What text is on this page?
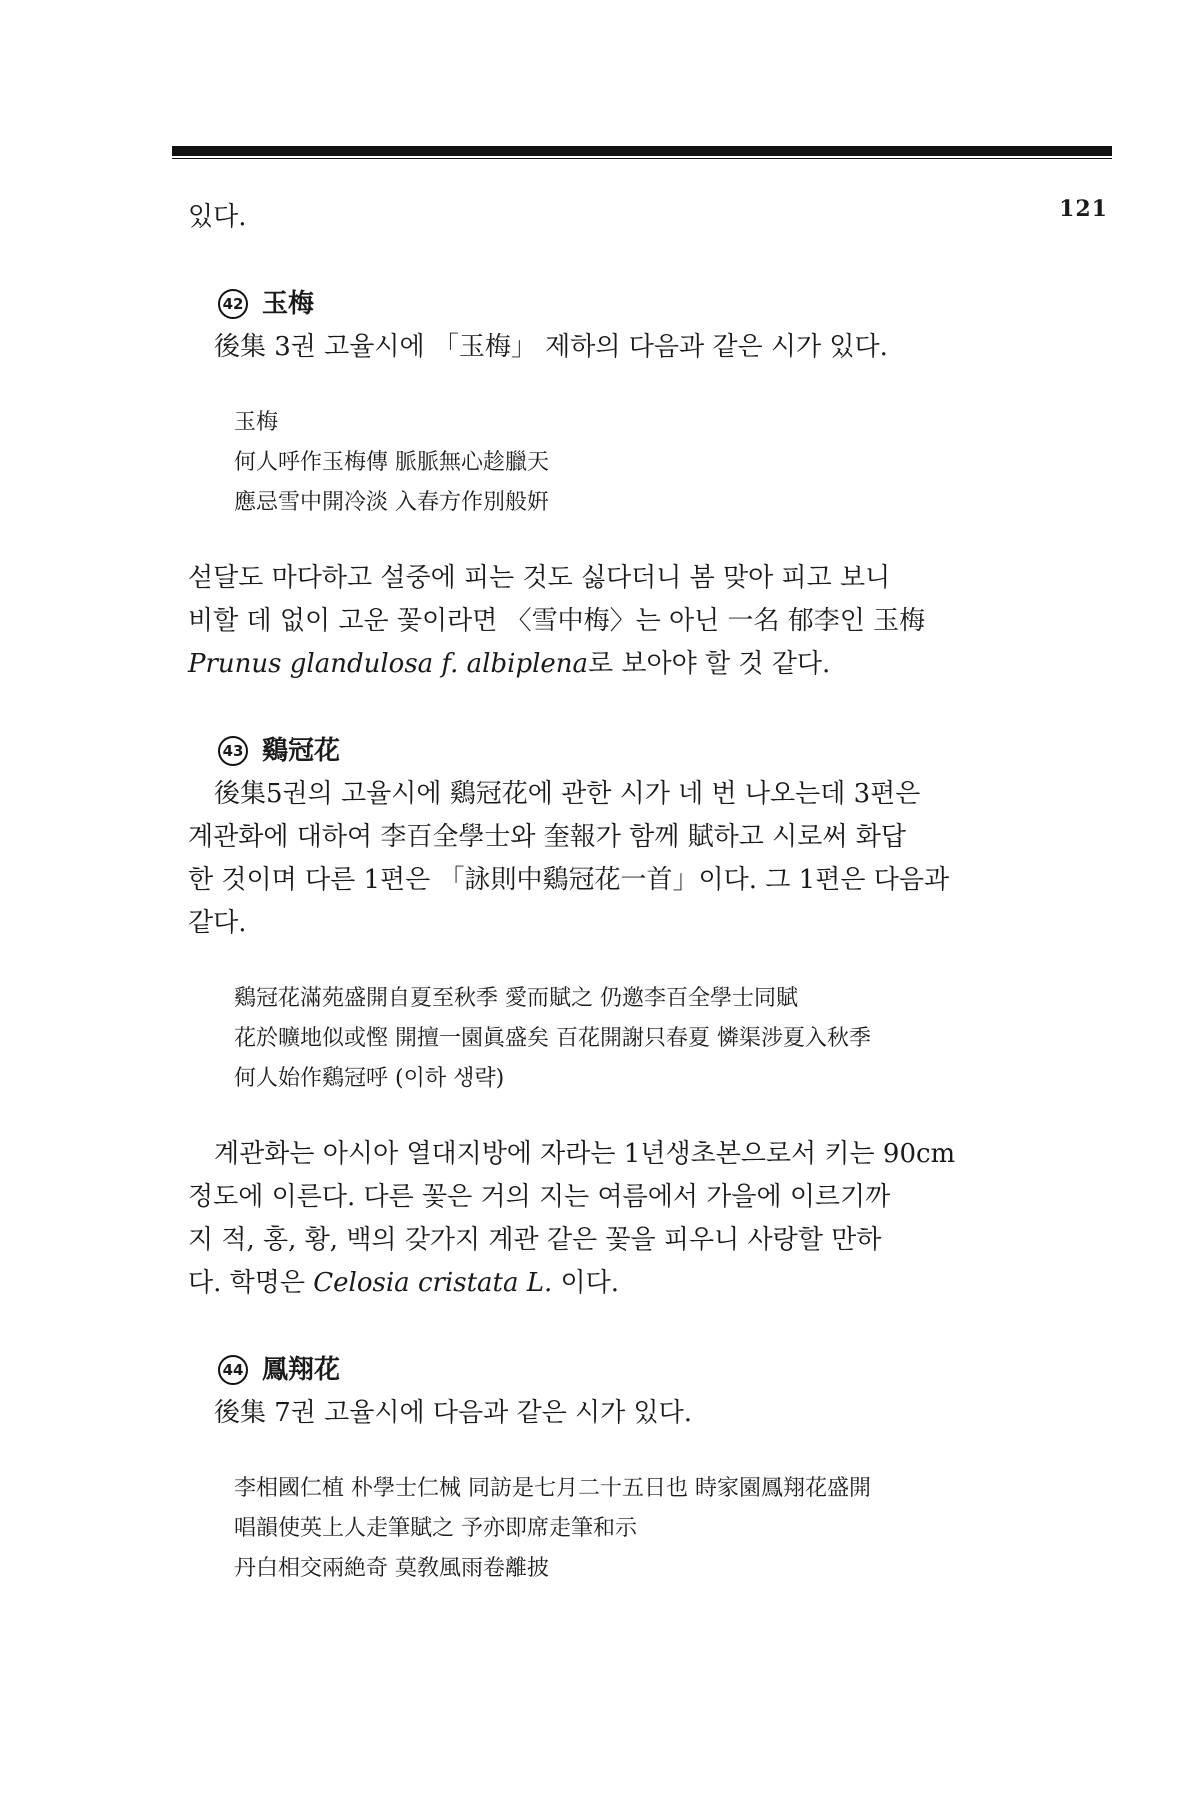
121

있다.

42 玉梅

後集 3권 고율시에 「玉梅」 제하의 다음과 같은 시가 있다.

玉梅

何人呼作玉梅傳 脈脈無心趁臘天

應忌雪中開冷淡 入春方作別般姸

섣달도 마다하고 설중에 피는 것도 싫다더니 봄 맞아 피고 보니

비할 데 없이 고운 꽃이라면 〈雪中梅〉는 아닌 一名 郁李인 玉梅

Prunus glandulosa f. albiplena로 보아야 할 것 같다.

43 鷄冠花

後集5권의 고율시에 鷄冠花에 관한 시가 네 번 나오는데 3편은

계관화에 대하여 李百全學士와 奎報가 함께 賦하고 시로써 화답

한 것이며 다른 1편은 「詠則中鷄冠花一首」이다. 그 1편은 다음과

같다.

鷄冠花滿苑盛開自夏至秋季 愛而賦之 仍邀李百全學士同賦

花於曠地似或慳 開擅一園眞盛矣 百花開謝只春夏 憐渠涉夏入秋季

何人始作鷄冠呼 (이하 생략)

계관화는 아시아 열대지방에 자라는 1년생초본으로서 키는 90cm

정도에 이른다. 다른 꽃은 거의 지는 여름에서 가을에 이르기까

지 적, 홍, 황, 백의 갖가지 계관 같은 꽃을 피우니 사랑할 만하

다. 학명은 Celosia cristata L. 이다.

44 鳳翔花

後集 7권 고율시에 다음과 같은 시가 있다.

李相國仁植 朴學士仁械 同訪是七月二十五日也 時家園鳳翔花盛開

唱韻使英上人走筆賦之 予亦即席走筆和示

丹白相交兩絶奇 莫敎風雨卷離披
